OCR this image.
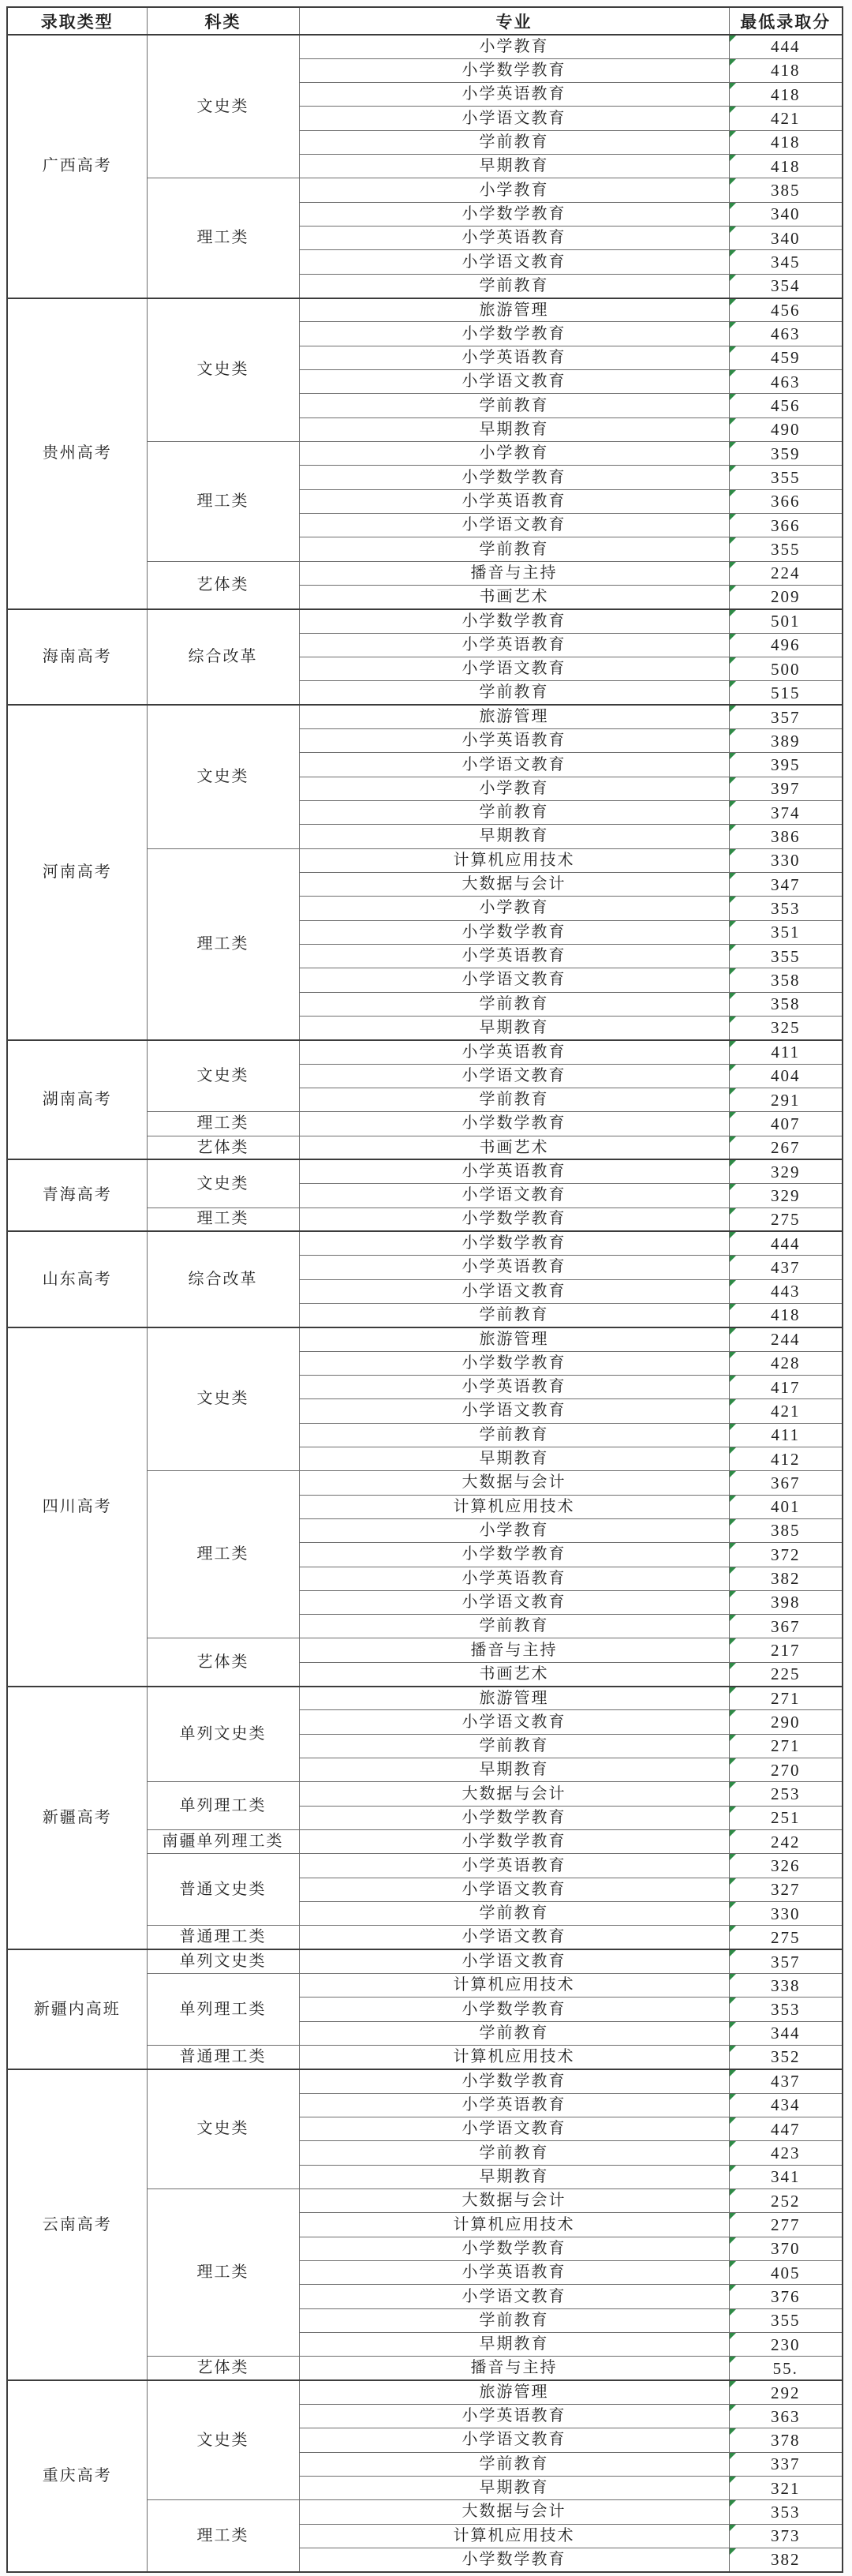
录取类型	科类	专业	最低录取分
广西高考	文史类	小学教育	444
		小学数学教育	418
		小学英语教育	418
		小学语文教育	421
		学前教育	418
		早期教育	418
	理工类	小学教育	385
		小学数学教育	340
		小学英语教育	340
		小学语文教育	345
		学前教育	354
贵州高考	文史类	旅游管理	456
		小学数学教育	463
		小学英语教育	459
		小学语文教育	463
		学前教育	456
		早期教育	490
	理工类	小学教育	359
		小学数学教育	355
		小学英语教育	366
		小学语文教育	366
		学前教育	355
	艺体类	播音与主持	224
		书画艺术	209
海南高考	综合改革	小学数学教育	501
		小学英语教育	496
		小学语文教育	500
		学前教育	515
河南高考	文史类	旅游管理	357
		小学英语教育	389
		小学语文教育	395
		小学教育	397
		学前教育	374
		早期教育	386
	理工类	计算机应用技术	330
		大数据与会计	347
		小学教育	353
		小学数学教育	351
		小学英语教育	355
		小学语文教育	358
		学前教育	358
		早期教育	325
湖南高考	文史类	小学英语教育	411
		小学语文教育	404
		学前教育	291
	理工类	小学数学教育	407
	艺体类	书画艺术	267
青海高考	文史类	小学英语教育	329
		小学语文教育	329
	理工类	小学数学教育	275
山东高考	综合改革	小学数学教育	444
		小学英语教育	437
		小学语文教育	443
		学前教育	418
四川高考	文史类	旅游管理	244
		小学数学教育	428
		小学英语教育	417
		小学语文教育	421
		学前教育	411
		早期教育	412
	理工类	大数据与会计	367
		计算机应用技术	401
		小学教育	385
		小学数学教育	372
		小学英语教育	382
		小学语文教育	398
		学前教育	367
	艺体类	播音与主持	217
		书画艺术	225
新疆高考	单列文史类	旅游管理	271
		小学语文教育	290
		学前教育	271
		早期教育	270
	单列理工类	大数据与会计	253
		小学数学教育	251
	南疆单列理工类	小学数学教育	242
	普通文史类	小学英语教育	326
		小学语文教育	327
		学前教育	330
	普通理工类	小学语文教育	275
新疆内高班	单列文史类	小学语文教育	357
	单列理工类	计算机应用技术	338
		小学数学教育	353
		学前教育	344
	普通理工类	计算机应用技术	352
云南高考	文史类	小学数学教育	437
		小学英语教育	434
		小学语文教育	447
		学前教育	423
		早期教育	341
	理工类	大数据与会计	252
		计算机应用技术	277
		小学数学教育	370
		小学英语教育	405
		小学语文教育	376
		学前教育	355
		早期教育	230
	艺体类	播音与主持	55.
重庆高考	文史类	旅游管理	292
		小学英语教育	363
		小学语文教育	378
		学前教育	337
		早期教育	321
	理工类	大数据与会计	353
		计算机应用技术	373
		小学数学教育	382
